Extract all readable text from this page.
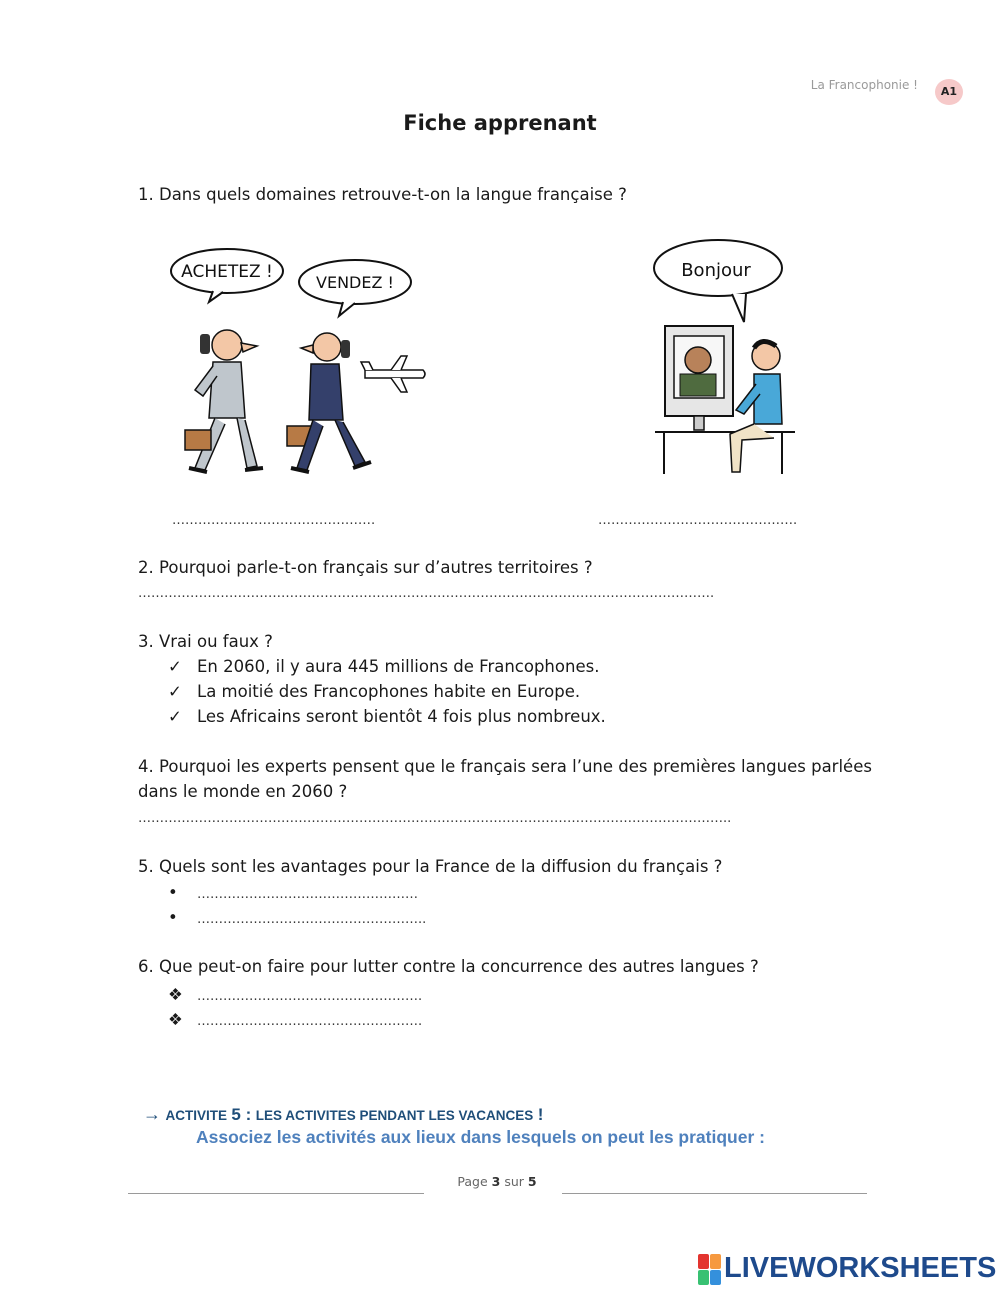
La Francophonie !	A1
Fiche apprenant
1. Dans quels domaines retrouve-t-on la langue française ?
ACHETEZ !
VENDEZ !
Bonjour
……………..…………………………	……………………………………….
2. Pourquoi parle-t-on français sur d’autres territoires ?
…………………………………………………………………………………………………………………….
3. Vrai ou faux ?
✓ En 2060, il y aura 445 millions de Francophones.
✓ La moitié des Francophones habite en Europe.
✓ Les Africains seront bientôt 4 fois plus nombreux.
4. Pourquoi les experts pensent que le français sera l’une des premières langues parlées
dans le monde en 2060 ?
………………………………………………………………………………………………………………………..
5. Quels sont les avantages pour la France de la diffusion du français ?
• ……………………………………………
• ……………………………………………..
6. Que peut-on faire pour lutter contre la concurrence des autres langues ?
❖ …………………………………………….
❖ …………………………………………….
→ ACTIVITE 5 : LES ACTIVITES PENDANT LES VACANCES !
Associez les activités aux lieux dans lesquels on peut les pratiquer :
Page 3 sur 5
LIVEWORKSHEETS
